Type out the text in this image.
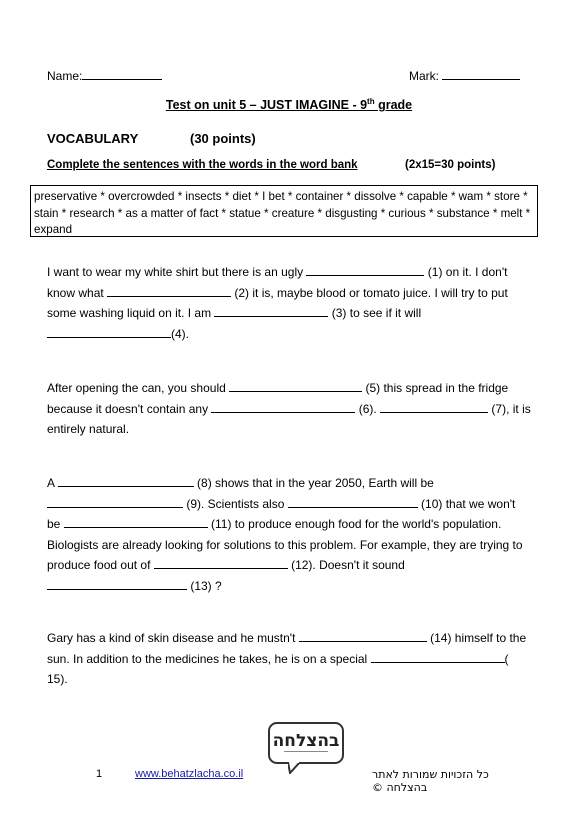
Name:	Mark:
Test on unit 5 – JUST IMAGINE - 9th grade
VOCABULARY	(30 points)
Complete the sentences with the words in the word bank	(2x15=30 points)
preservative * overcrowded * insects * diet * I bet * container * dissolve * capable * wam * store * stain * research * as a matter of fact * statue * creature * disgusting * curious * substance * melt * expand
I want to wear my white shirt but there is an ugly	(1) on it. I don't know what	(2) it is, maybe blood or tomato juice. I will try to put some washing liquid on it. I am	(3) to see if it will (4).
After opening the can, you should	(5) this spread in the fridge because it doesn't contain any	(6).	(7), it is entirely natural.
A	(8) shows that in the year 2050, Earth will be  (9). Scientists also	(10) that we won't be	(11) to produce enough food for the world's population. Biologists are already looking for solutions to this problem. For example, they are trying to produce food out of	(12). Doesn't it sound  (13) ?
Gary has a kind of skin disease and he mustn't	(14) himself to the sun. In addition to the medicines he takes, he is on a special	( 15).
בהצלחה
1	www.behatzlacha.co.il	כל הזכויות שמורות לאתר בהצלחה ©
